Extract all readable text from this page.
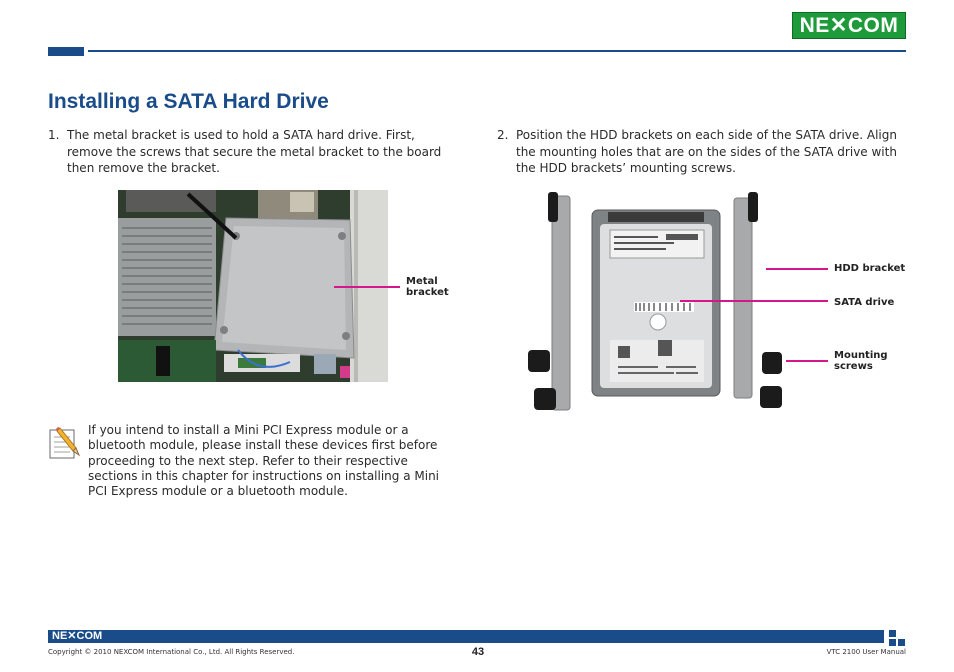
NE✕COM
Installing a SATA Hard Drive
1. The metal bracket is used to hold a SATA hard drive. First, remove the screws that secure the metal bracket to the board then remove the bracket.
2. Position the HDD brackets on each side of the SATA drive. Align the mounting holes that are on the sides of the SATA drive with the HDD brackets’ mounting screws.
Metal
bracket
HDD bracket
SATA drive
Mounting
screws
If you intend to install a Mini PCI Express module or a bluetooth module, please install these devices first before proceeding to the next step. Refer to their respective sections in this chapter for instructions on installing a Mini PCI Express module or a bluetooth module.
NE✕COM
Copyright © 2010 NEXCOM International Co., Ltd. All Rights Reserved.	43	VTC 2100 User Manual
